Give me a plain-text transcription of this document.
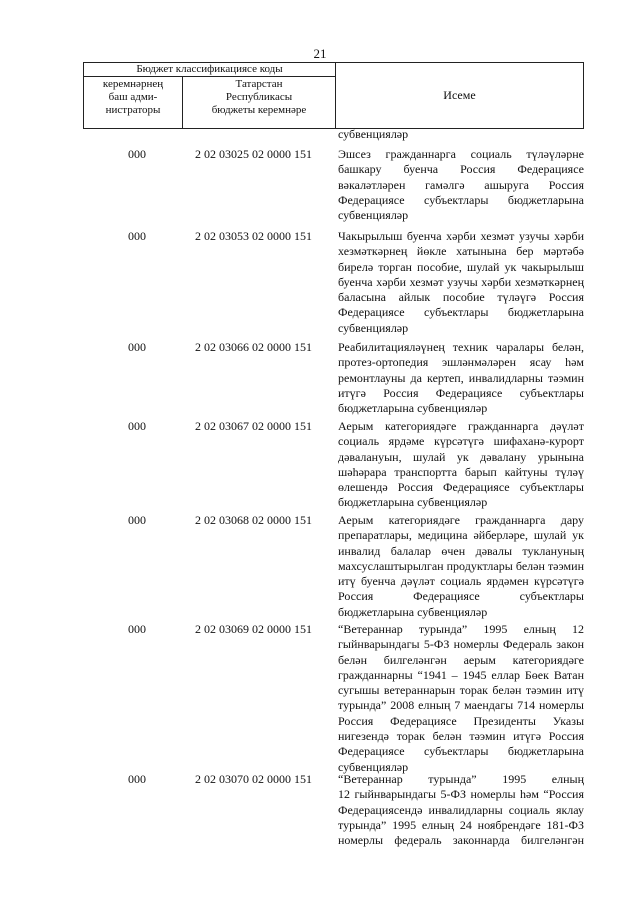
21
Бюджет классификациясе коды
керемнәрнең
баш адми-
нистраторы
Татарстан
Республикасы
бюджеты керемнәре
Исеме
субвенцияләр
000	2 02 03025 02 0000 151 Эшсез гражданнарга социаль түләүләрне
башкару буенча Россия Федерациясе
вәкаләтләрен гамәлгә ашыруга Россия
Федерациясе субъектлары бюджетларына
субвенцияләр
000	2 02 03053 02 0000 151 Чакырылыш буенча хәрби хезмәт узучы хәрби
хезмәткәрнең йөкле хатынына бер мәртәбә
бирелә торган пособие, шулай ук чакырылыш
буенча хәрби хезмәт узучы хәрби хезмәткәрнең
баласына айлык пособие түләүгә Россия
Федерациясе субъектлары бюджетларына
субвенцияләр
000	2 02 03066 02 0000 151 Реабилитацияләүнең техник чаралары белән,
протез-ортопедия эшләнмәләрен ясау һәм
ремонтлауны да кертеп, инвалидларны тәэмин
итүгә Россия Федерациясе субъектлары
бюджетларына субвенцияләр
000	2 02 03067 02 0000 151 Аерым категориядәге гражданнарга дәүләт
социаль ярдәме күрсәтүгә шифаханә-курорт
дәвалануын, шулай ук дәвалану урынына
шәһәрара транспортта барып кайтуны түләү
өлешендә Россия Федерациясе субъектлары
бюджетларына субвенцияләр
000	2 02 03068 02 0000 151 Аерым категориядәге гражданнарга дару
препаратлары, медицина әйберләре, шулай ук
инвалид балалар өчен дәвалы туклануның
махсуслаштырылган продуктлары белән тәэмин
итү буенча дәүләт социаль ярдәмен күрсәтүгә
Россия Федерациясе субъектлары
бюджетларына субвенцияләр
000	2 02 03069 02 0000 151 “Ветераннар турында” 1995 елның 12
гыйнварындагы 5-ФЗ номерлы Федераль закон
белән билгеләнгән аерым категориядәге
гражданнарны “1941 – 1945 еллар Бөек Ватан
сугышы ветераннарын торак белән тәэмин итү
турында” 2008 елның 7 маендагы 714 номерлы
Россия Федерациясе Президенты Указы
нигезендә торак белән тәэмин итүгә Россия
Федерациясе субъектлары бюджетларына
субвенцияләр
000	2 02 03070 02 0000 151 “Ветераннар турында” 1995 елның
12 гыйнварындагы 5-ФЗ номерлы һәм “Россия
Федерациясендә инвалидларны социаль яклау
турында” 1995 елның 24 ноябрендәге 181-ФЗ
номерлы федераль законнарда билгеләнгән
